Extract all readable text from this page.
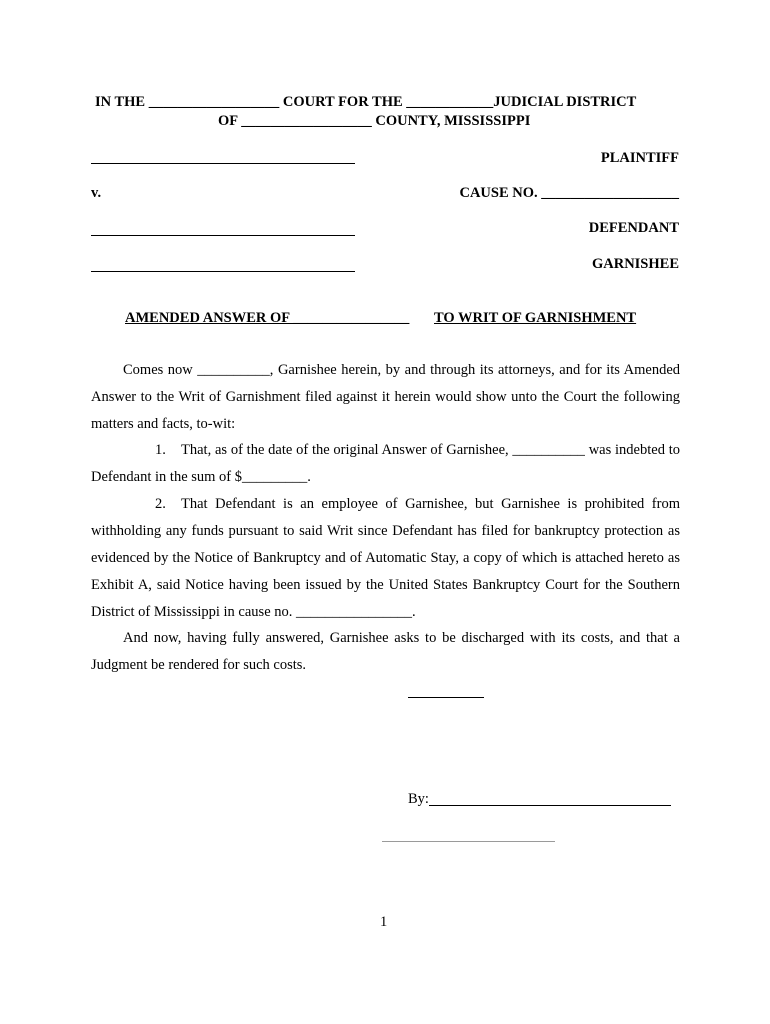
IN THE __________________ COURT FOR THE ____________JUDICIAL DISTRICT
OF __________________ COUNTY, MISSISSIPPI
PLAINTIFF
v.	CAUSE NO. ___________________
DEFENDANT
GARNISHEE
AMENDED ANSWER OF ________________ TO WRIT OF GARNISHMENT
Comes now __________, Garnishee herein, by and through its attorneys, and for its Amended Answer to the Writ of Garnishment filed against it herein would show unto the Court the following matters and facts, to-wit:
1. That, as of the date of the original Answer of Garnishee, __________ was indebted to Defendant in the sum of $_________.
2. That Defendant is an employee of Garnishee, but Garnishee is prohibited from withholding any funds pursuant to said Writ since Defendant has filed for bankruptcy protection as evidenced by the Notice of Bankruptcy and of Automatic Stay, a copy of which is attached hereto as Exhibit A, said Notice having been issued by the United States Bankruptcy Court for the Southern District of Mississippi in cause no. ________________.
And now, having fully answered, Garnishee asks to be discharged with its costs, and that a Judgment be rendered for such costs.
By:
1
